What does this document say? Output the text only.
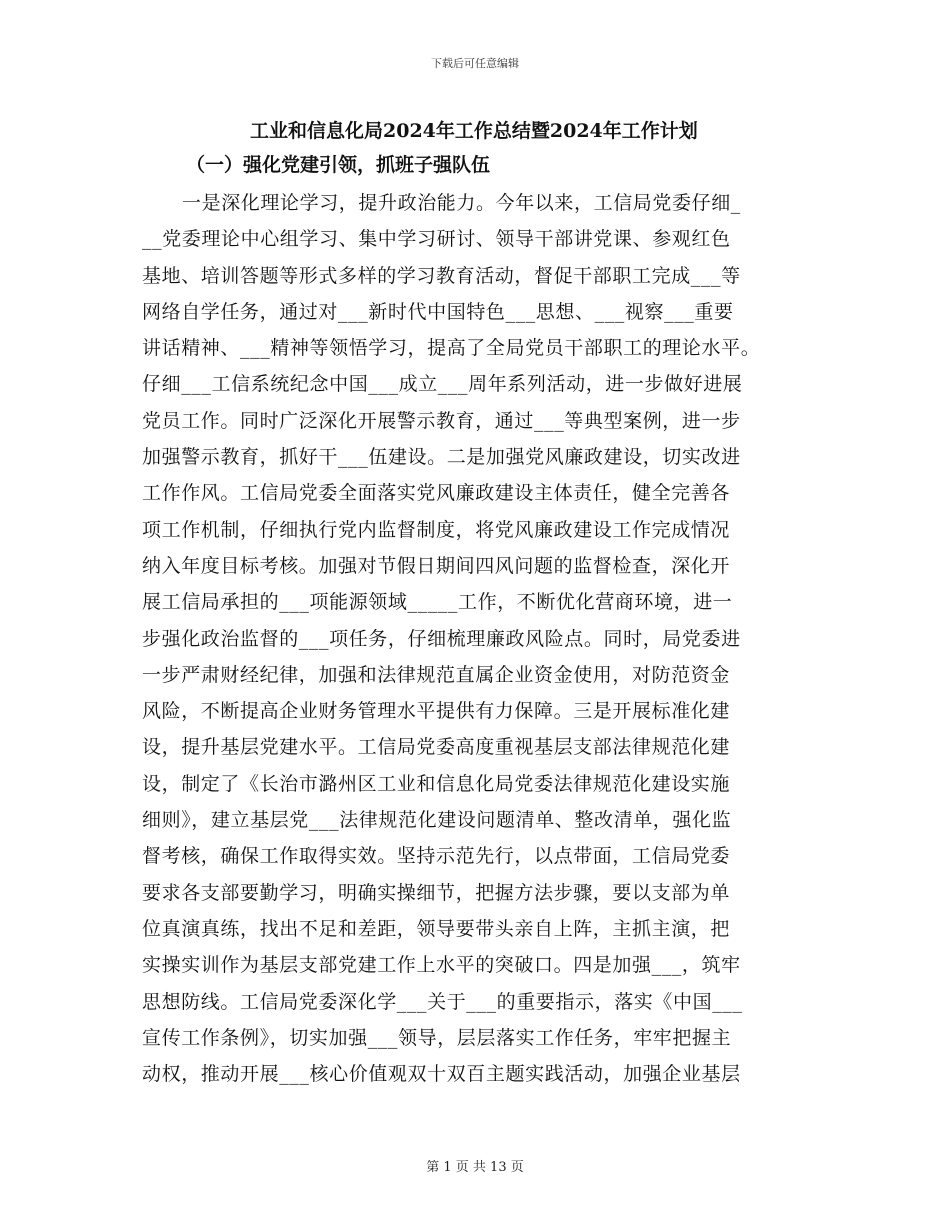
下载后可任意编辑
工业和信息化局2024年工作总结暨2024年工作计划
（一）强化党建引领，抓班子强队伍
一是深化理论学习，提升政治能力。今年以来，工信局党委仔细_
__党委理论中心组学习、集中学习研讨、领导干部讲党课、参观红色
基地、培训答题等形式多样的学习教育活动，督促干部职工完成___等
网络自学任务，通过对___新时代中国特色___思想、___视察___重要
讲话精神、___精神等领悟学习，提高了全局党员干部职工的理论水平。
仔细___工信系统纪念中国___成立___周年系列活动，进一步做好进展
党员工作。同时广泛深化开展警示教育，通过___等典型案例，进一步
加强警示教育，抓好干___伍建设。二是加强党风廉政建设，切实改进
工作作风。工信局党委全面落实党风廉政建设主体责任，健全完善各
项工作机制，仔细执行党内监督制度，将党风廉政建设工作完成情况
纳入年度目标考核。加强对节假日期间四风问题的监督检查，深化开
展工信局承担的___项能源领域_____工作，不断优化营商环境，进一
步强化政治监督的___项任务，仔细梳理廉政风险点。同时，局党委进
一步严肃财经纪律，加强和法律规范直属企业资金使用，对防范资金
风险，不断提高企业财务管理水平提供有力保障。三是开展标准化建
设，提升基层党建水平。工信局党委高度重视基层支部法律规范化建
设，制定了《长治市潞州区工业和信息化局党委法律规范化建设实施
细则》，建立基层党___法律规范化建设问题清单、整改清单，强化监
督考核，确保工作取得实效。坚持示范先行，以点带面，工信局党委
要求各支部要勤学习，明确实操细节，把握方法步骤，要以支部为单
位真演真练，找出不足和差距，领导要带头亲自上阵，主抓主演，把
实操实训作为基层支部党建工作上水平的突破口。四是加强___，筑牢
思想防线。工信局党委深化学___关于___的重要指示，落实《中国___
宣传工作条例》，切实加强___领导，层层落实工作任务，牢牢把握主
动权，推动开展___核心价值观双十双百主题实践活动，加强企业基层
第 1 页 共 13 页
